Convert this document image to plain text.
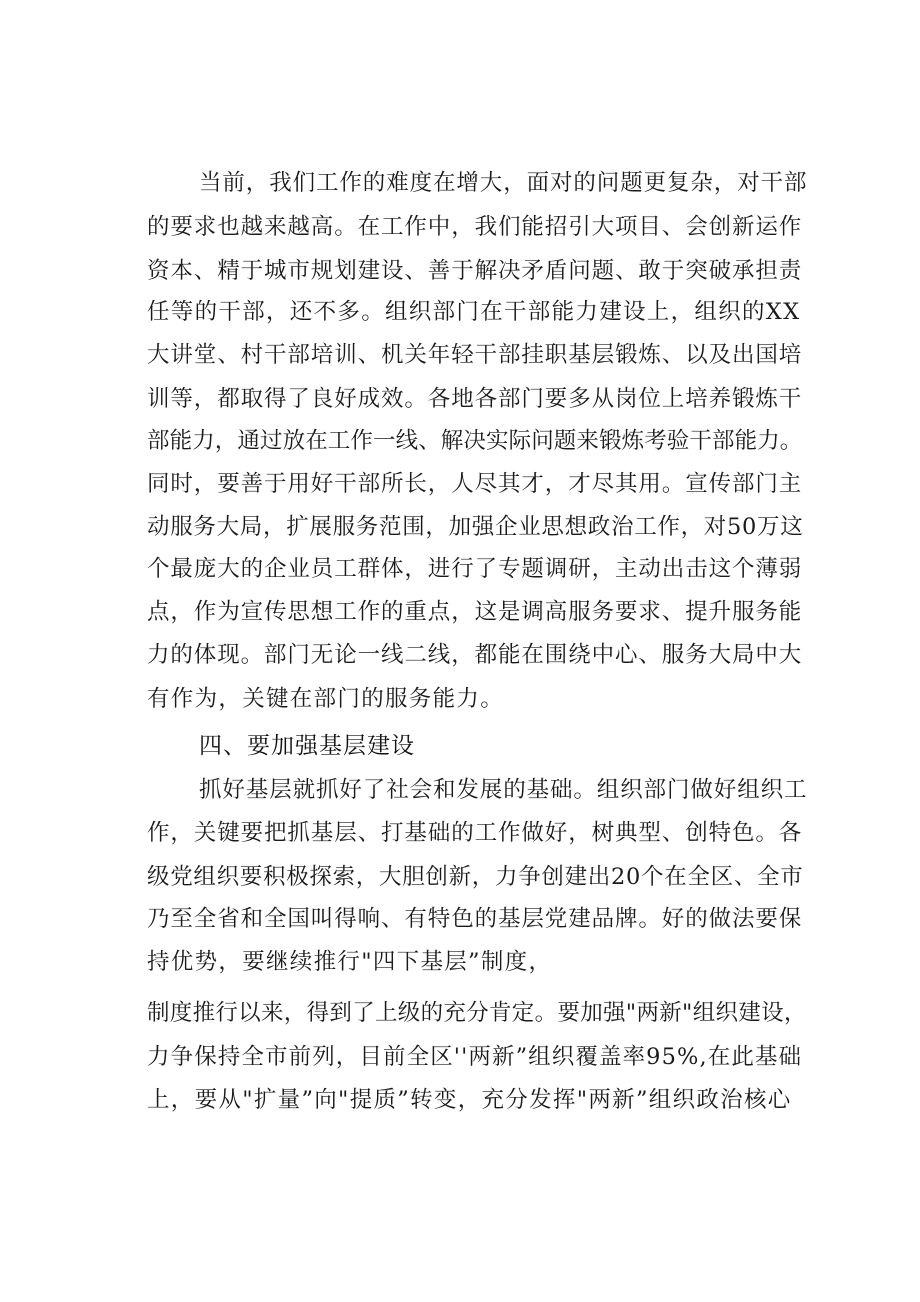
当前，我们工作的难度在增大，面对的问题更复杂，对干部
的要求也越来越高。在工作中，我们能招引大项目、会创新运作
资本、精于城市规划建设、善于解决矛盾问题、敢于突破承担责
任等的干部，还不多。组织部门在干部能力建设上，组织的XX
大讲堂、村干部培训、机关年轻干部挂职基层锻炼、以及出国培
训等，都取得了良好成效。各地各部门要多从岗位上培养锻炼干
部能力，通过放在工作一线、解决实际问题来锻炼考验干部能力。
同时，要善于用好干部所长，人尽其才，才尽其用。宣传部门主
动服务大局，扩展服务范围，加强企业思想政治工作，对50万这
个最庞大的企业员工群体，进行了专题调研，主动出击这个薄弱
点，作为宣传思想工作的重点，这是调高服务要求、提升服务能
力的体现。部门无论一线二线，都能在围绕中心、服务大局中大
有作为，关键在部门的服务能力。
四、要加强基层建设
抓好基层就抓好了社会和发展的基础。组织部门做好组织工
作，关键要把抓基层、打基础的工作做好，树典型、创特色。各
级党组织要积极探索，大胆创新，力争创建出20个在全区、全市
乃至全省和全国叫得响、有特色的基层党建品牌。好的做法要保
持优势，要继续推行"四下基层”制度，
制度推行以来，得到了上级的充分肯定。要加强"两新"组织建设，
力争保持全市前列，目前全区''两新”组织覆盖率95%,在此基础
上，要从"扩量”向"提质”转变，充分发挥"两新”组织政治核心
